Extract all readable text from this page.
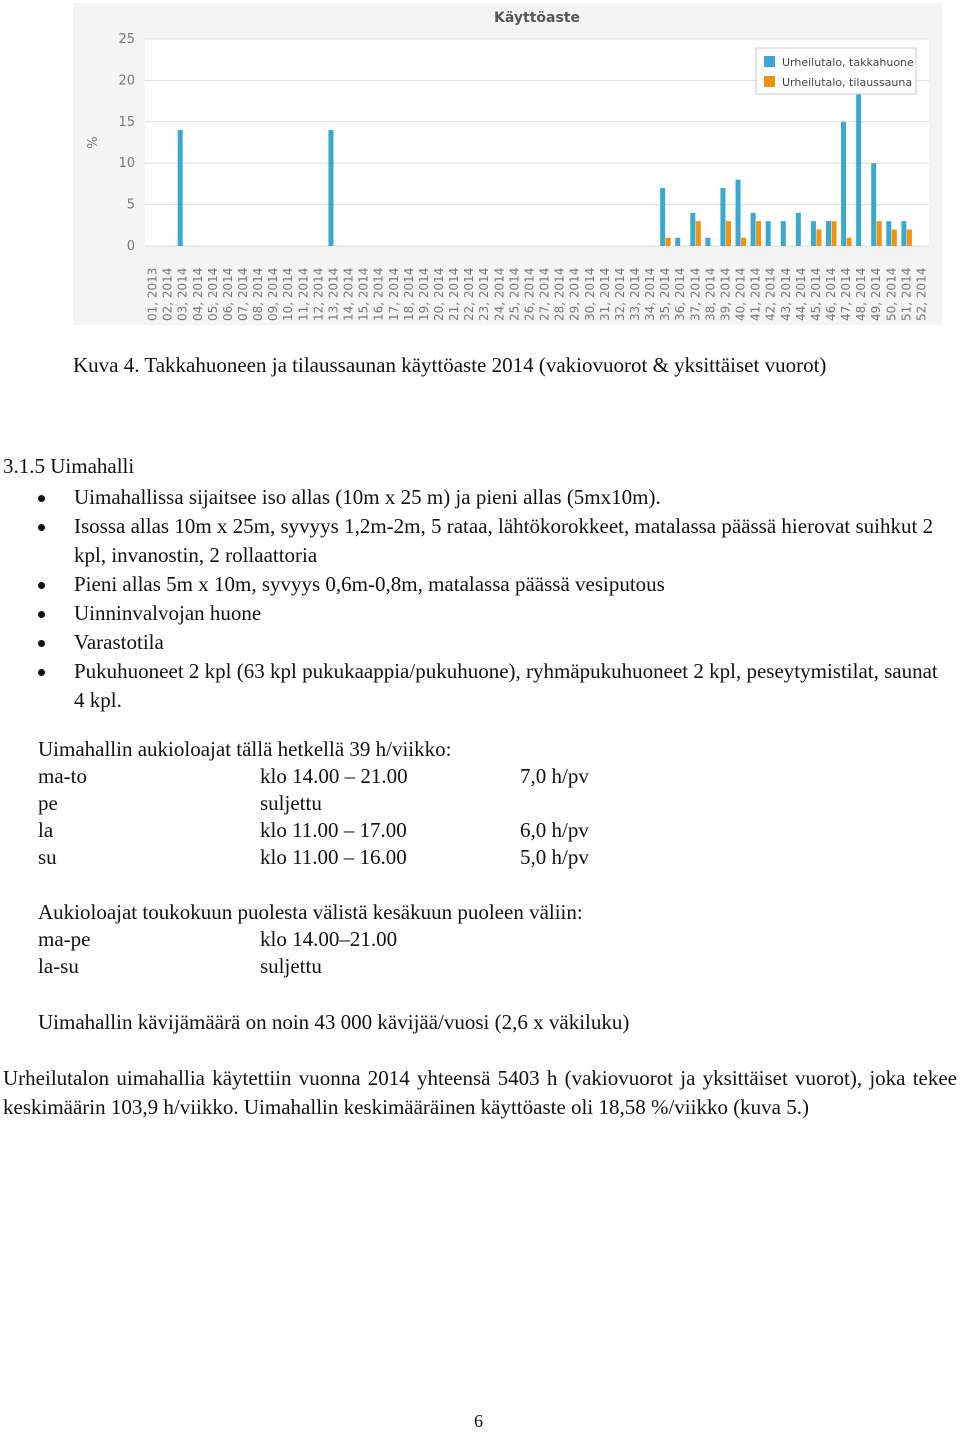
0
5
10
15
20
25
Käyttöaste
%
01, 2013 02, 2014 03, 2014 04, 2014 05, 2014 06, 2014 07, 2014 08, 2014 09, 2014 10, 2014 11, 2014 12, 2014 13, 2014 14, 2014 15, 2014 16, 2014 17, 2014 18, 2014 19, 2014 20, 2014 21, 2014 22, 2014 23, 2014 24, 2014 25, 2014 26, 2014 27, 2014 28, 2014 29, 2014 30, 2014 31, 2014 32, 2014 33, 2014 34, 2014 35, 2014 36, 2014 37, 2014 38, 2014 39, 2014 40, 2014 41, 2014 42, 2014 43, 2014 44, 2014 45, 2014 46, 2014 47, 2014 48, 2014 49, 2014 50, 2014 51, 2014 52, 2014
Urheilutalo, takkahuone
Urheilutalo, tilaussauna

Kuva 4. Takkahuoneen ja tilaussaunan käyttöaste 2014 (vakiovuorot & yksittäiset vuorot)

3.1.5 Uimahalli

Uimahallissa sijaitsee iso allas (10m x 25 m) ja pieni allas (5mx10m).
Isossa allas 10m x 25m, syvyys 1,2m-2m, 5 rataa, lähtökorokkeet, matalassa päässä hierovat suihkut 2 kpl, invanostin, 2 rollaattoria
Pieni allas 5m x 10m, syvyys 0,6m-0,8m, matalassa päässä vesiputous
Uinninvalvojan huone
Varastotila
Pukuhuoneet 2 kpl (63 kpl pukukaappia/pukuhuone), ryhmäpukuhuoneet 2 kpl, peseytymistilat, saunat 4 kpl.

Uimahallin aukioloajat tällä hetkellä 39 h/viikko:

ma-to	klo 14.00 – 21.00	7,0 h/pv
pe	suljettu
la	klo 11.00 – 17.00	6,0 h/pv
su	klo 11.00 – 16.00	5,0 h/pv

Aukioloajat toukokuun puolesta välistä kesäkuun puoleen väliin:

ma-pe	klo 14.00–21.00
la-su	suljettu

Uimahallin kävijämäärä on noin 43 000 kävijää/vuosi (2,6 x väkiluku)

Urheilutalon uimahallia käytettiin vuonna 2014 yhteensä 5403 h (vakiovuorot ja yksittäiset vuorot), joka tekee keskimäärin 103,9 h/viikko. Uimahallin keskimääräinen käyttöaste oli 18,58 %/viikko (kuva 5.)

6
